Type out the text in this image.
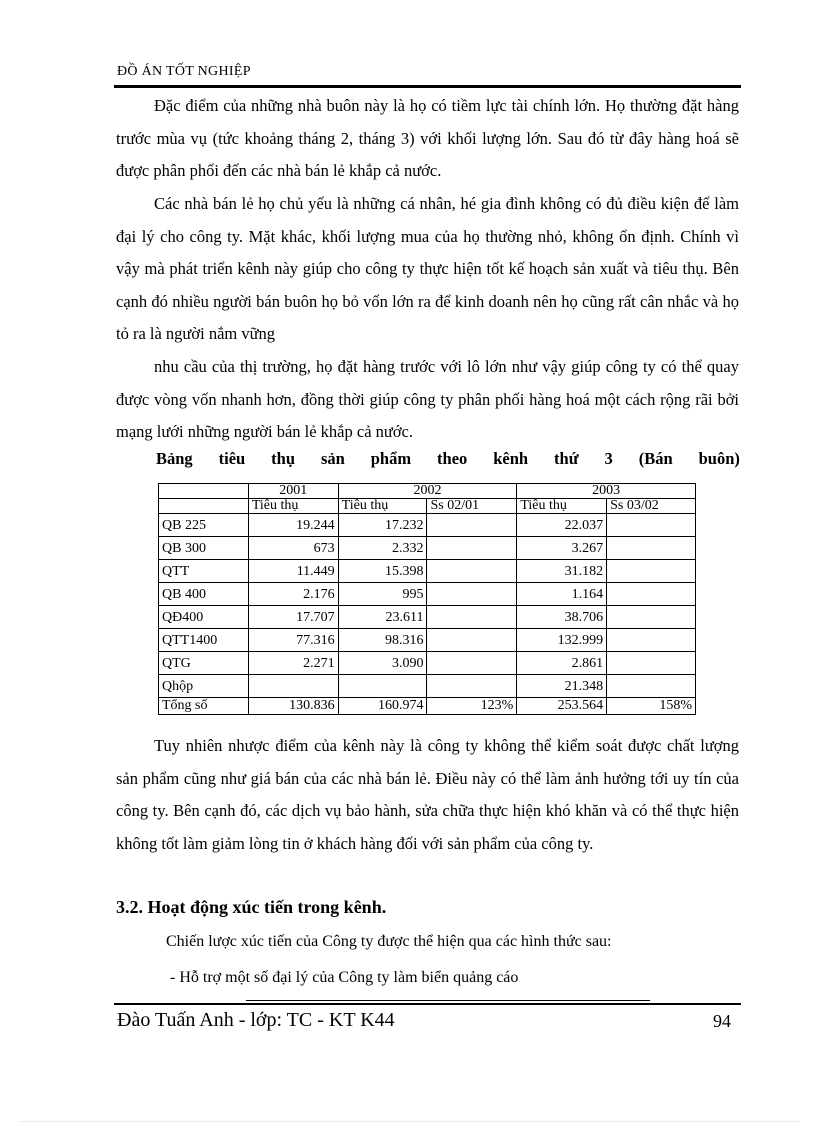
ĐỒ ÁN TỐT NGHIỆP
Đặc điểm của những nhà buôn này là họ có tiềm lực tài chính lớn. Họ thường đặt hàng trước mùa vụ (tức khoảng tháng 2, tháng 3) với khối lượng lớn. Sau đó từ đây hàng hoá sẽ được phân phối đến các nhà bán lẻ khắp cả nước.
Các nhà bán lẻ họ chủ yếu là những cá nhân, hé gia đình không có đủ điều kiện để làm đại lý cho công ty. Mặt khác, khối lượng mua của họ thường nhỏ, không ổn định. Chính vì vậy mà phát triển kênh này giúp cho công ty thực hiện tốt kế hoạch sản xuất và tiêu thụ. Bên cạnh đó nhiều người bán buôn họ bỏ vốn lớn ra để kinh doanh nên họ cũng rất cân nhắc và họ tỏ ra là người nắm vững
nhu cầu của thị trường, họ đặt hàng trước với lô lớn như vậy giúp công ty có thể quay được vòng vốn nhanh hơn, đồng thời giúp công ty phân phối hàng hoá một cách rộng rãi bởi mạng lưới những người bán lẻ khắp cả nước.
Bảng tiêu thụ sản phẩm theo kênh thứ 3 (Bán buôn)
	2001	2002		2003	
	Tiêu thụ	Tiêu thụ	Ss 02/01	Tiêu thụ	Ss 03/02
QB 225	19.244	17.232		22.037	
QB 300	673	2.332		3.267	
QTT	11.449	15.398		31.182	
QB 400	2.176	995		1.164	
QĐ400	17.707	23.611		38.706	
QTT1400	77.316	98.316		132.999	
QTG	2.271	3.090		2.861	
Qhộp				21.348	
Tổng số	130.836	160.974	123%	253.564	158%
Tuy nhiên nhược điểm của kênh này là công ty không thể kiểm soát được chất lượng sản phẩm cũng như giá bán của các nhà bán lẻ. Điều này có thể làm ảnh hưởng tới uy tín của công ty. Bên cạnh đó, các dịch vụ bảo hành, sửa chữa thực hiện khó khăn và có thể thực hiện không tốt làm giảm lòng tin ở khách hàng đối với sản phẩm của công ty.
3.2. Hoạt động xúc tiến trong kênh.
Chiến lược xúc tiến của Công ty được thể hiện qua các hình thức sau:
- Hỗ trợ một số đại lý của Công ty làm biển quảng cáo
Đào Tuấn Anh - lớp: TC - KT K44	94
